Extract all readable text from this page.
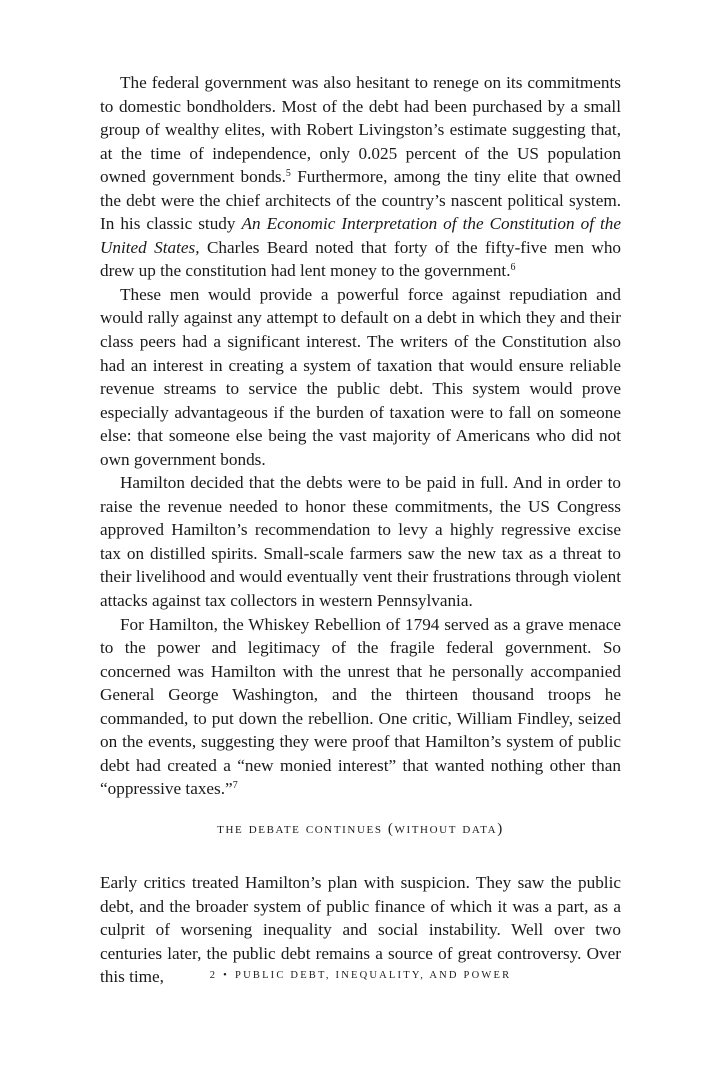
The federal government was also hesitant to renege on its commitments to domestic bondholders. Most of the debt had been purchased by a small group of wealthy elites, with Robert Livingston’s estimate suggesting that, at the time of independence, only 0.025 percent of the US population owned government bonds.$^5$ Furthermore, among the tiny elite that owned the debt were the chief architects of the country’s nascent political system. In his classic study An Economic Interpretation of the Constitution of the United States, Charles Beard noted that forty of the fifty-five men who drew up the constitution had lent money to the government.$^6$

These men would provide a powerful force against repudiation and would rally against any attempt to default on a debt in which they and their class peers had a significant interest. The writers of the Constitution also had an interest in creating a system of taxation that would ensure reliable revenue streams to service the public debt. This system would prove especially advantageous if the burden of taxation were to fall on someone else: that someone else being the vast majority of Americans who did not own government bonds.

Hamilton decided that the debts were to be paid in full. And in order to raise the revenue needed to honor these commitments, the US Congress approved Hamilton’s recommendation to levy a highly regressive excise tax on distilled spirits. Small-scale farmers saw the new tax as a threat to their livelihood and would eventually vent their frustrations through violent attacks against tax collectors in western Pennsylvania.

For Hamilton, the Whiskey Rebellion of 1794 served as a grave menace to the power and legitimacy of the fragile federal government. So concerned was Hamilton with the unrest that he personally accompanied General George Washington, and the thirteen thousand troops he commanded, to put down the rebellion. One critic, William Findley, seized on the events, suggesting they were proof that Hamilton’s system of public debt had created a “new monied interest” that wanted nothing other than “oppressive taxes.”$^7$

the debate continues (without data)

Early critics treated Hamilton’s plan with suspicion. They saw the public debt, and the broader system of public finance of which it was a part, as a culprit of worsening inequality and social instability. Well over two centuries later, the public debt remains a source of great controversy. Over this time,	2 • PUBLIC DEBT, INEQUALITY, AND POWER
